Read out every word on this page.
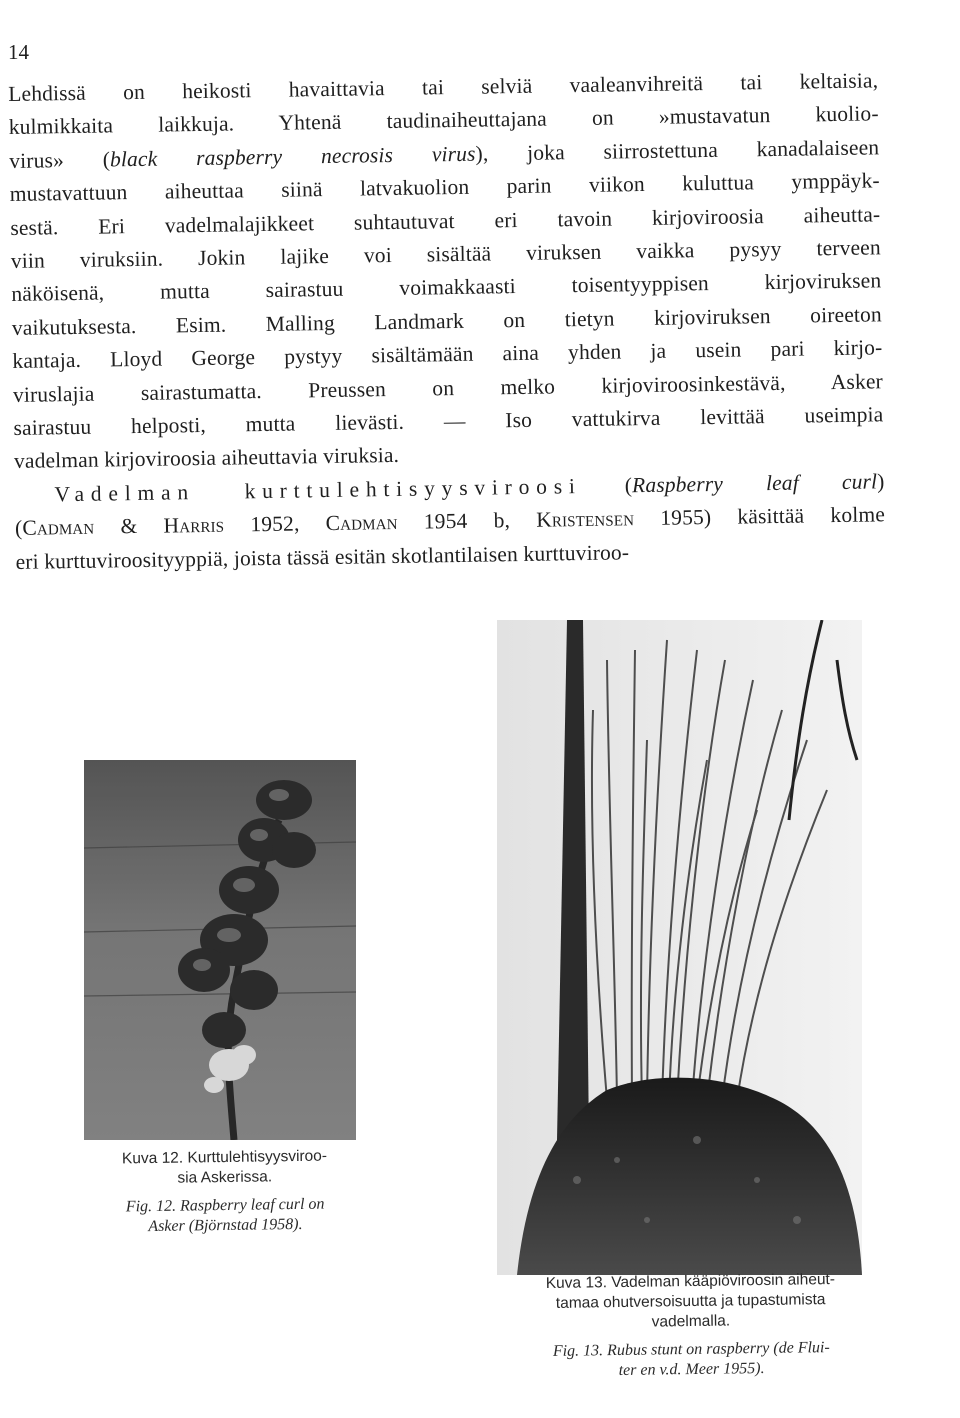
14
Lehdissä on heikosti havaittavia tai selviä vaaleanvihreitä tai keltaisia,
kulmikkaita laikkuja. Yhtenä taudinaiheuttajana on »mustavatun kuolio-
virus» (black raspberry necrosis virus), joka siirrostettuna kanadalaiseen
mustavattuun aiheuttaa siinä latvakuolion parin viikon kuluttua ymppäyk-
sestä. Eri vadelmalajikkeet suhtautuvat eri tavoin kirjoviroosia aiheutta-
viin viruksiin. Jokin lajike voi sisältää viruksen vaikka pysyy terveen
näköisenä, mutta sairastuu voimakkaasti toisentyyppisen kirjoviruksen
vaikutuksesta. Esim. Malling Landmark on tietyn kirjoviruksen oireeton
kantaja. Lloyd George pystyy sisältämään aina yhden ja usein pari kirjo-
viruslajia sairastumatta. Preussen on melko kirjoviroosinkestävä, Asker
sairastuu helposti, mutta lievästi. — Iso vattukirva levittää useimpia
vadelman kirjoviroosia aiheuttavia viruksia.
Vadelman kurttulehtisyysviroosi (Raspberry leaf curl)
(Cadman & Harris 1952, Cadman 1954 b, Kristensen 1955) käsittää kolme
eri kurttuviroosityyppiä, joista tässä esitän skotlantilaisen kurttuviroo-
Kuva 12. Kurttulehtisyysviroo-
sia Askerissa.
Fig. 12. Raspberry leaf curl on
Asker (Björnstad 1958).
Kuva 13. Vadelman kääpiöviroosin aiheut-
tamaa ohutversoisuutta ja tupastumista
vadelmalla.
Fig. 13. Rubus stunt on raspberry (de Flui-
ter en v.d. Meer 1955).
